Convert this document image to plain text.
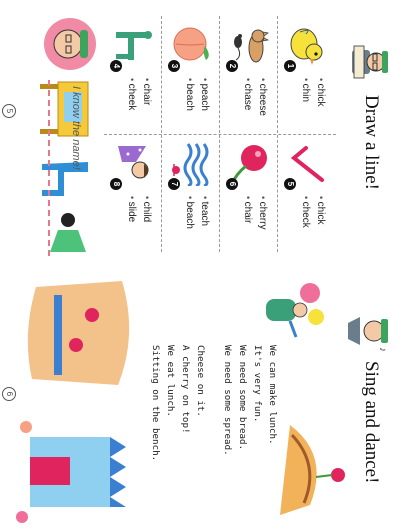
Draw a line!
1
• chick
• chin
2
• cheese
• chase
3
• peach
• beach
4
• chair
• cheek
5
• chick
• check
6
• cherry
• chair
7
• teach
• beach
8
• child
• slide
I know the name!
5
♪
Sing and dance!
We can make lunch.
It's very fun.
We need some bread.
We need some spread.
Cheese on it.
A cherry on top!
We eat lunch.
Sitting on the bench.
6
